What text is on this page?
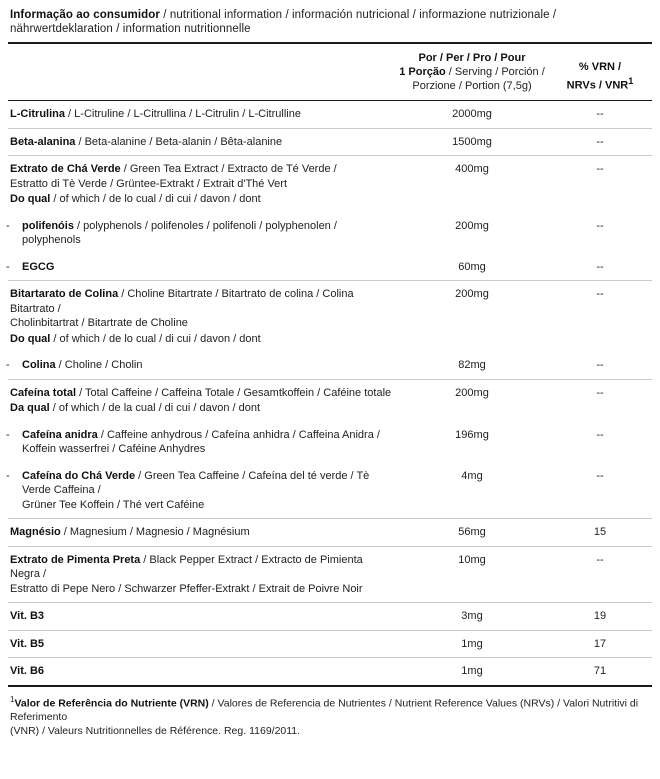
Informação ao consumidor / nutritional information / información nutricional / informazione nutrizionale / nährwertdeklaration / information nutritionnelle

Por / Per / Pro / Pour
1 Porção / Serving / Porción / Porzione / Portion (7,5g)

% VRN /
NRVs / VNR$^1$

L-Citrulina / L-Citruline / L-Citrullina / L-Citrulin / L-Citrulline	2000mg	--
Beta-alanina / Beta-alanine / Beta-alanin / Bêta-alanine	1500mg	--
Extrato de Chá Verde / Green Tea Extract / Extracto de Té Verde /
Estratto di Tè Verde / Grüntee-Extrakt / Extrait d'Thé Vert
Do qual / of which / de lo cual / di cui / davon / dont	400mg	--

- polifenóis / polyphenols / polifenoles / polifenoli / polyphenolen / polyphenols	200mg	--

- EGCG	60mg	--
Bitartarato de Colina / Choline Bitartrate / Bitartrato de colina / Colina Bitartrato /
Cholinbitartrat / Bitartrate de Choline
Do qual / of which / de lo cual / di cui / davon / dont	200mg	--

- Colina / Choline / Cholin	82mg	--
Cafeína total / Total Caffeine / Caffeina Totale / Gesamtkoffein / Caféine totale
Da qual / of which / de la cual / di cui / davon / dont	200mg	--

- Cafeína anidra / Caffeine anhydrous / Cafeína anhidra / Caffeina Anidra /
Koffein wasserfrei / Caféine Anhydres	196mg	--

- Cafeína do Chá Verde / Green Tea Caffeine / Cafeína del té verde / Tè Verde Caffeina /
Grüner Tee Koffein / Thé vert Caféine	4mg	--
Magnésio / Magnesium / Magnesio / Magnésium	56mg	15
Extrato de Pimenta Preta / Black Pepper Extract / Extracto de Pimienta Negra /
Estratto di Pepe Nero / Schwarzer Pfeffer-Extrakt / Extrait de Poivre Noir	10mg	--
Vit. B3	3mg	19
Vit. B5	1mg	17
Vit. B6	1mg	71
$^1$Valor de Referência do Nutriente (VRN) / Valores de Referencia de Nutrientes / Nutrient Reference Values (NRVs) / Valori Nutritivi di Referimento
(VNR) / Valeurs Nutritionnelles de Référence. Reg. 1169/2011.
